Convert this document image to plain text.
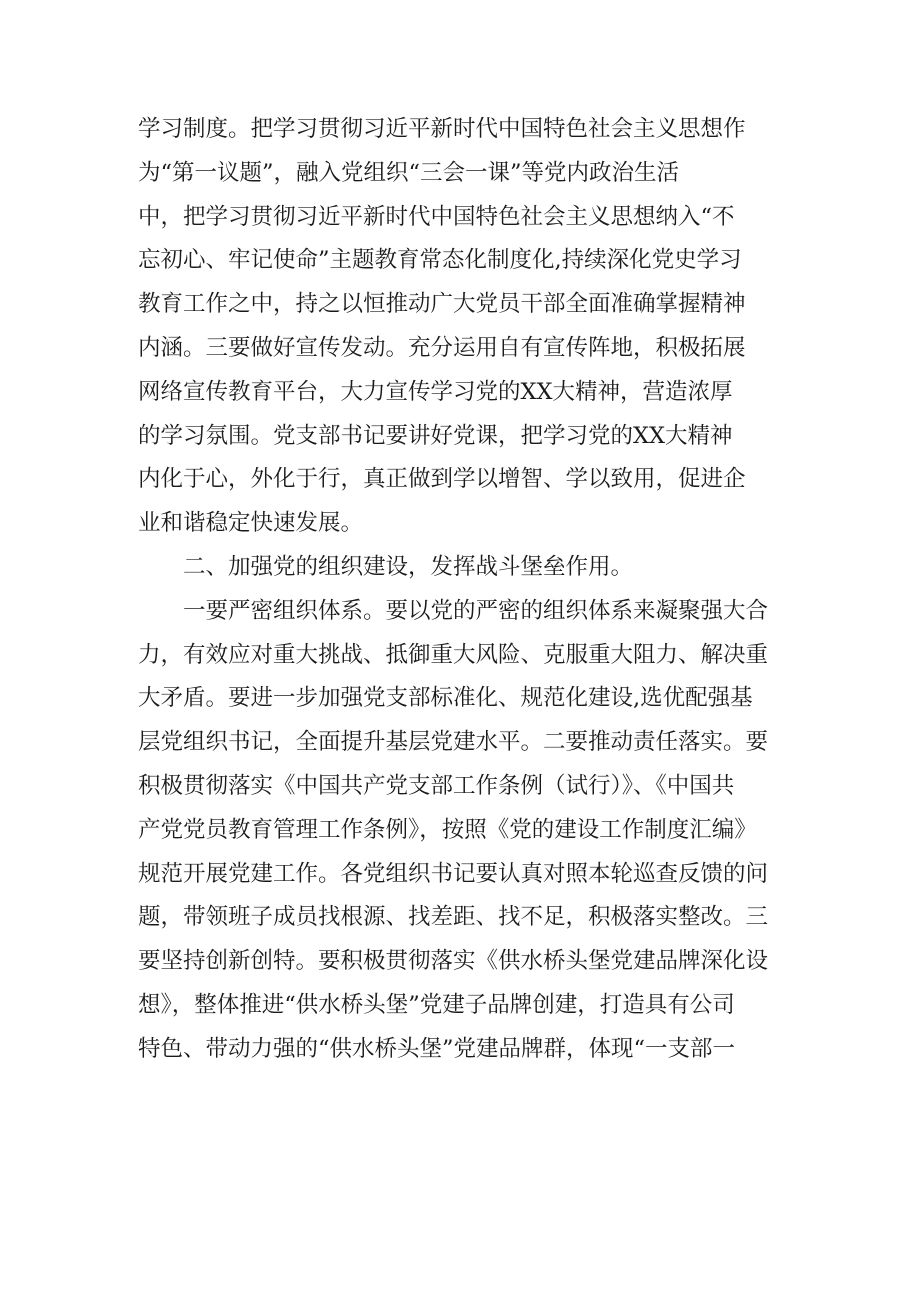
学习制度。把学习贯彻习近平新时代中国特色社会主义思想作
为“第一议题”，融入党组织“三会一课”等党内政治生活
中，把学习贯彻习近平新时代中国特色社会主义思想纳入“不
忘初心、牢记使命”主题教育常态化制度化,持续深化党史学习
教育工作之中，持之以恒推动广大党员干部全面准确掌握精神
内涵。三要做好宣传发动。充分运用自有宣传阵地，积极拓展
网络宣传教育平台，大力宣传学习党的XX大精神，营造浓厚
的学习氛围。党支部书记要讲好党课，把学习党的XX大精神
内化于心，外化于行，真正做到学以增智、学以致用，促进企
业和谐稳定快速发展。
　　二、加强党的组织建设，发挥战斗堡垒作用。
　　一要严密组织体系。要以党的严密的组织体系来凝聚强大合
力，有效应对重大挑战、抵御重大风险、克服重大阻力、解决重
大矛盾。要进一步加强党支部标准化、规范化建设,选优配强基
层党组织书记，全面提升基层党建水平。二要推动责任落实。要
积极贯彻落实《中国共产党支部工作条例（试行）》、《中国共
产党党员教育管理工作条例》，按照《党的建设工作制度汇编》
规范开展党建工作。各党组织书记要认真对照本轮巡查反馈的问
题，带领班子成员找根源、找差距、找不足，积极落实整改。三
要坚持创新创特。要积极贯彻落实《供水桥头堡党建品牌深化设
想》，整体推进“供水桥头堡”党建子品牌创建，打造具有公司
特色、带动力强的“供水桥头堡”党建品牌群，体现“一支部一
